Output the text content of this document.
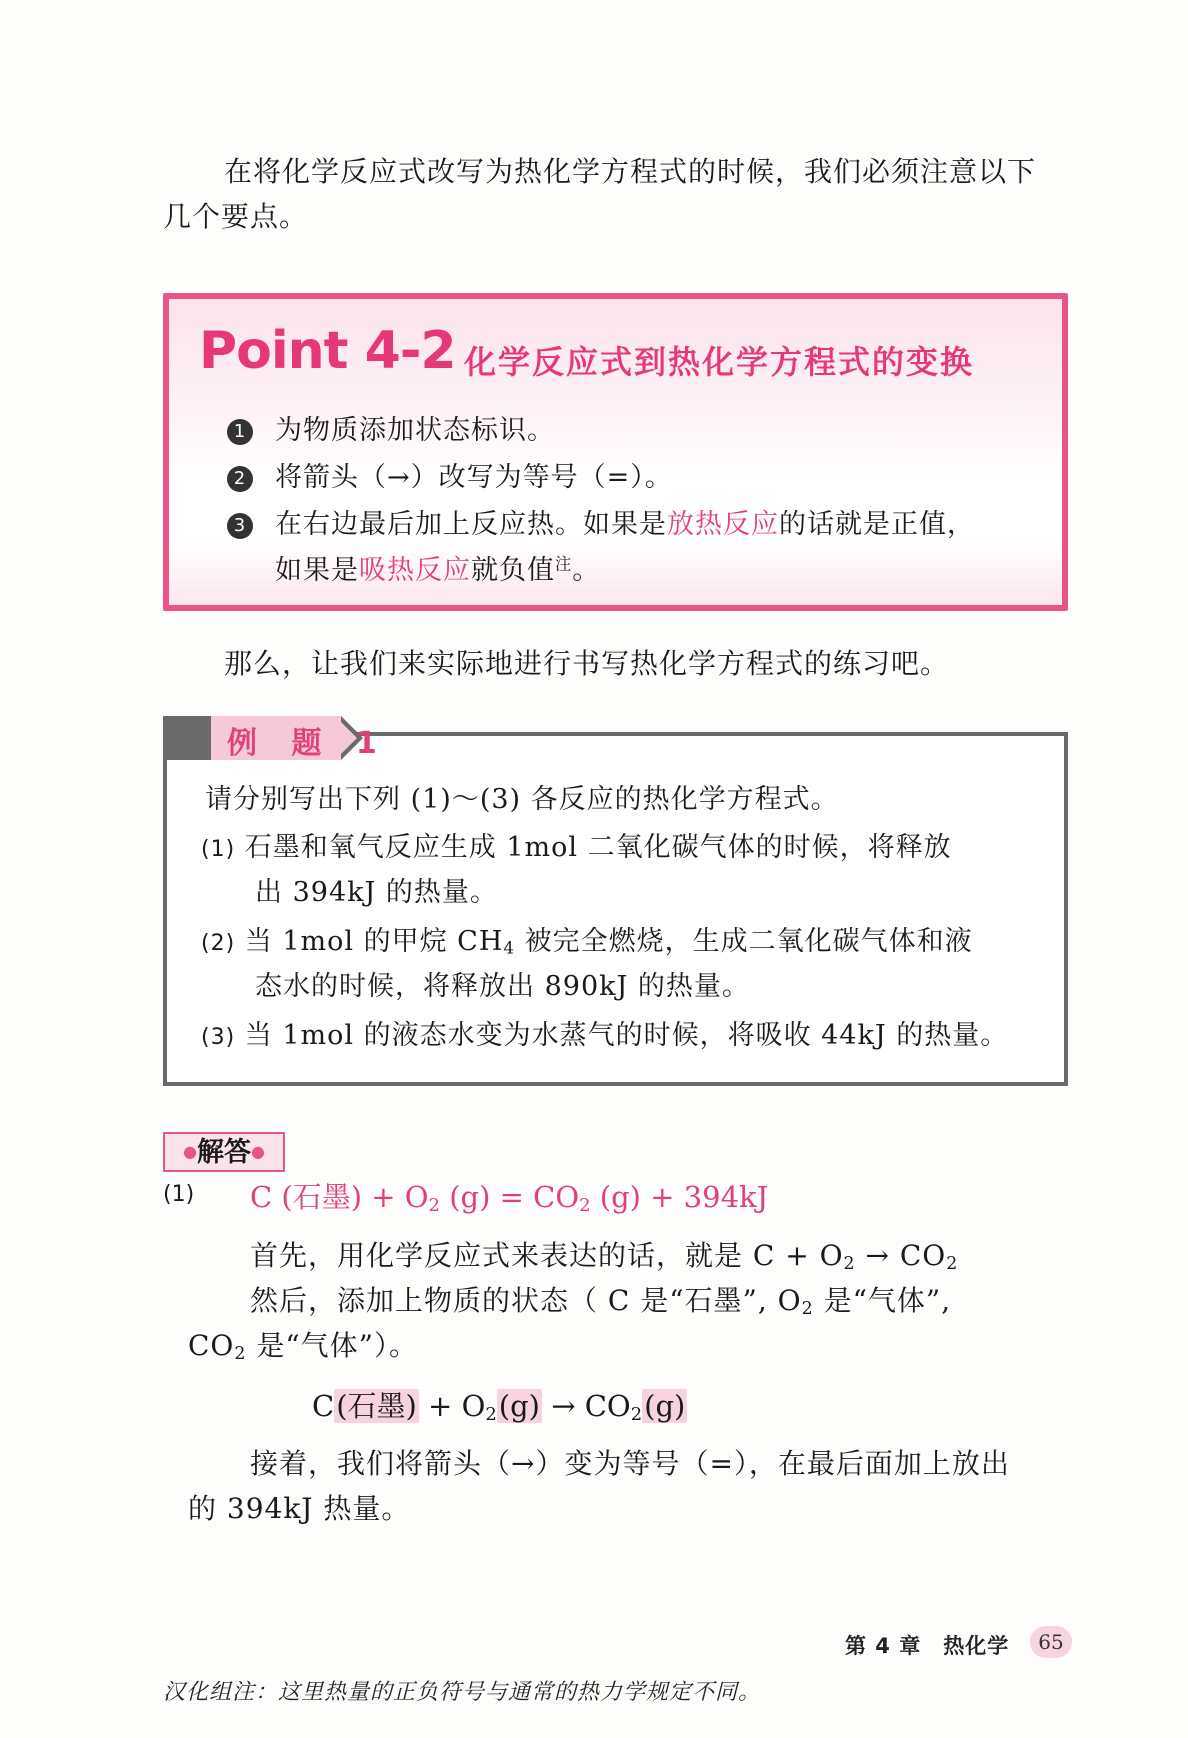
在将化学反应式改写为热化学方程式的时候，我们必须注意以下
几个要点。
Point 4-2 化学反应式到热化学方程式的变换
1 为物质添加状态标识。
2 将箭头（→）改写为等号（=）。
3 在右边最后加上反应热。如果是放热反应的话就是正值，
如果是吸热反应就负值$^注$。
那么，让我们来实际地进行书写热化学方程式的练习吧。
请分别写出下列 (1)～(3) 各反应的热化学方程式。
(1) 石墨和氧气反应生成 1mol 二氧化碳气体的时候，将释放
出 394kJ 的热量。
(2) 当 1mol 的甲烷 $CH_4$ 被完全燃烧，生成二氧化碳气体和液
态水的时候，将释放出 890kJ 的热量。
(3) 当 1mol 的液态水变为水蒸气的时候，将吸收 44kJ 的热量。
例 题 1
●解答●
(1) C (石墨) + $O_2$ $(g) = CO_2$ (g) + 394kJ
首先，用化学反应式来表达的话，就是 $C + O_2 \to CO_2$
然后，添加上物质的状态（ C 是“石墨”, $O_2$ 是“气体”,
$CO_2$ 是“气体”）。
C(石墨) + $O_2(g) \to CO_2(g)$
接着，我们将箭头（→）变为等号（=），在最后面加上放出
的 394kJ 热量。
第 4 章　热化学	65
汉化组注：这里热量的正负符号与通常的热力学规定不同。
